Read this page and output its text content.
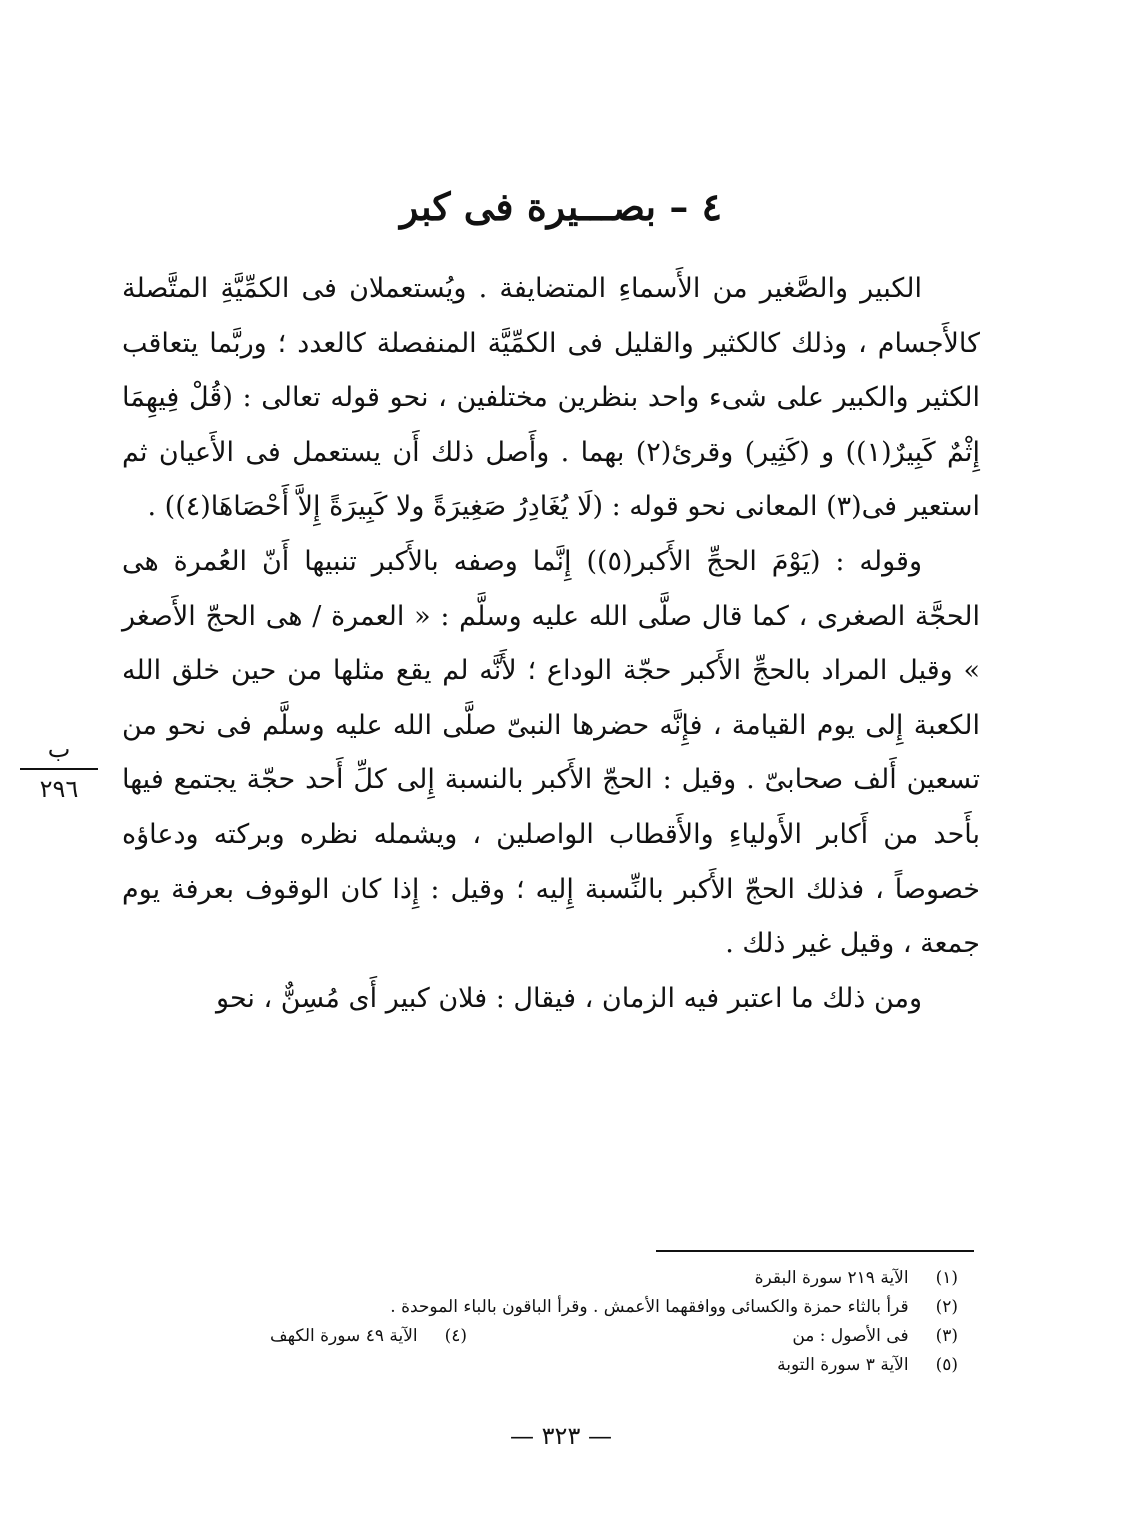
٤ – بصـــيرة فى كبر

الكبير والصَّغير من الأَسماءِ المتضايفة . ويُستعملان فى الكمِّيَّةِ المتَّصلة كالأَجسام ، وذلك كالكثير والقليل فى الكمِّيَّة المنفصلة كالعدد ؛ وربَّما يتعاقب الكثير والكبير على شىء واحد بنظرين مختلفين ، نحو قوله تعالى : (قُلْ فِيهِمَا إِثْمٌ كَبِيرٌ(١)) و (كَثِير) وقرئ(٢) بهما . وأَصل ذلك أَن يستعمل فى الأَعيان ثم استعير فى(٣) المعانى نحو قوله : (لَا يُغَادِرُ صَغِيرَةً ولا كَبِيرَةً إِلاَّ أَحْصَاهَا(٤)) .

وقوله : (يَوْمَ الحجِّ الأَكبر(٥)) إِنَّما وصفه بالأَكبر تنبيها أَنّ العُمرة هى الحجَّة الصغرى ، كما قال صلَّى الله عليه وسلَّم : « العمرة / هى الحجّ الأَصغر » وقيل المراد بالحجِّ الأَكبر حجّة الوداع ؛ لأَنَّه لم يقع مثلها من حين خلق الله الكعبة إِلى يوم القيامة ، فإِنَّه حضرها النبىّ صلَّى الله عليه وسلَّم فى نحو من تسعين أَلف صحابىّ . وقيل : الحجّ الأَكبر بالنسبة إِلى كلِّ أَحد حجّة يجتمع فيها بأَحد من أَكابر الأَولياءِ والأَقطاب الواصلين ، ويشمله نظره وبركته ودعاؤه خصوصاً ، فذلك الحجّ الأَكبر بالنِّسبة إِليه ؛ وقيل : إِذا كان الوقوف بعرفة يوم جمعة ، وقيل غير ذلك .

ومن ذلك ما اعتبر فيه الزمان ، فيقال : فلان كبير أَى مُسِنٌّ ، نحو

ب
٢٩٦
(١) الآية ٢١٩ سورة البقرة
(٢) قرأ بالثاء حمزة والكسائى ووافقهما الأعمش . وقرأ الباقون بالباء الموحدة .
(٣) فى الأصول : من
(٤) الآية ٤٩ سورة الكهف
(٥) الآية ٣ سورة التوبة
— ٣٢٣ —
